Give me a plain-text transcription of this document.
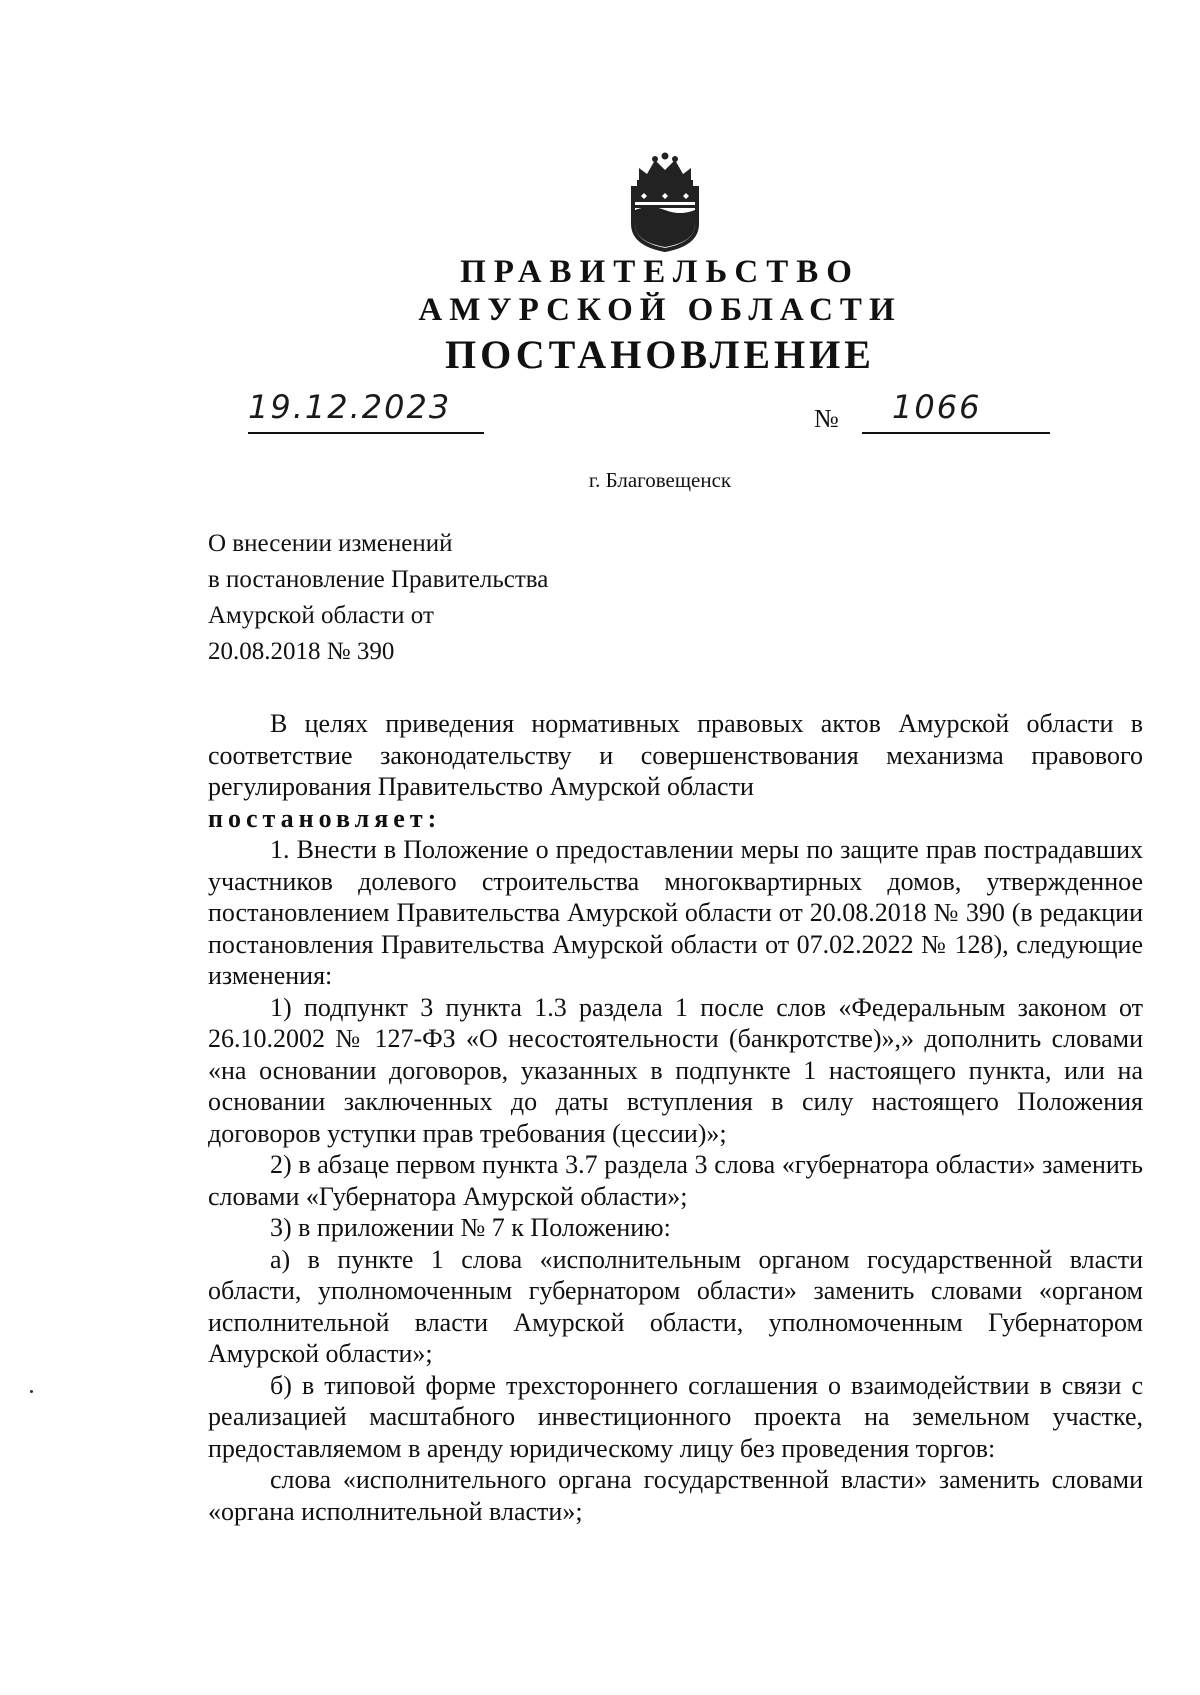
ПРАВИТЕЛЬСТВО
АМУРСКОЙ ОБЛАСТИ
ПОСТАНОВЛЕНИЕ
19.12.2023	№ 1066
г. Благовещенск
О внесении изменений
в постановление Правительства
Амурской области от
20.08.2018 № 390

В целях приведения нормативных правовых актов Амурской области в соответствие законодательству и совершенствования механизма правового регулирования Правительство Амурской области

постановляет:

1. Внести в Положение о предоставлении меры по защите прав пострадавших участников долевого строительства многоквартирных домов, утвержденное постановлением Правительства Амурской области от 20.08.2018 № 390 (в редакции постановления Правительства Амурской области от 07.02.2022 № 128), следующие изменения:

1) подпункт 3 пункта 1.3 раздела 1 после слов «Федеральным законом от 26.10.2002 № 127-ФЗ «О несостоятельности (банкротстве)»,» дополнить словами «на основании договоров, указанных в подпункте 1 настоящего пункта, или на основании заключенных до даты вступления в силу настоящего Положения договоров уступки прав требования (цессии)»;

2) в абзаце первом пункта 3.7 раздела 3 слова «губернатора области» заменить словами «Губернатора Амурской области»;

3) в приложении № 7 к Положению:

а) в пункте 1 слова «исполнительным органом государственной власти области, уполномоченным губернатором области» заменить словами «органом исполнительной власти Амурской области, уполномоченным Губернатором Амурской области»;

б) в типовой форме трехстороннего соглашения о взаимодействии в связи с реализацией масштабного инвестиционного проекта на земельном участке, предоставляемом в аренду юридическому лицу без проведения торгов:

слова «исполнительного органа государственной власти» заменить словами «органа исполнительной власти»;
